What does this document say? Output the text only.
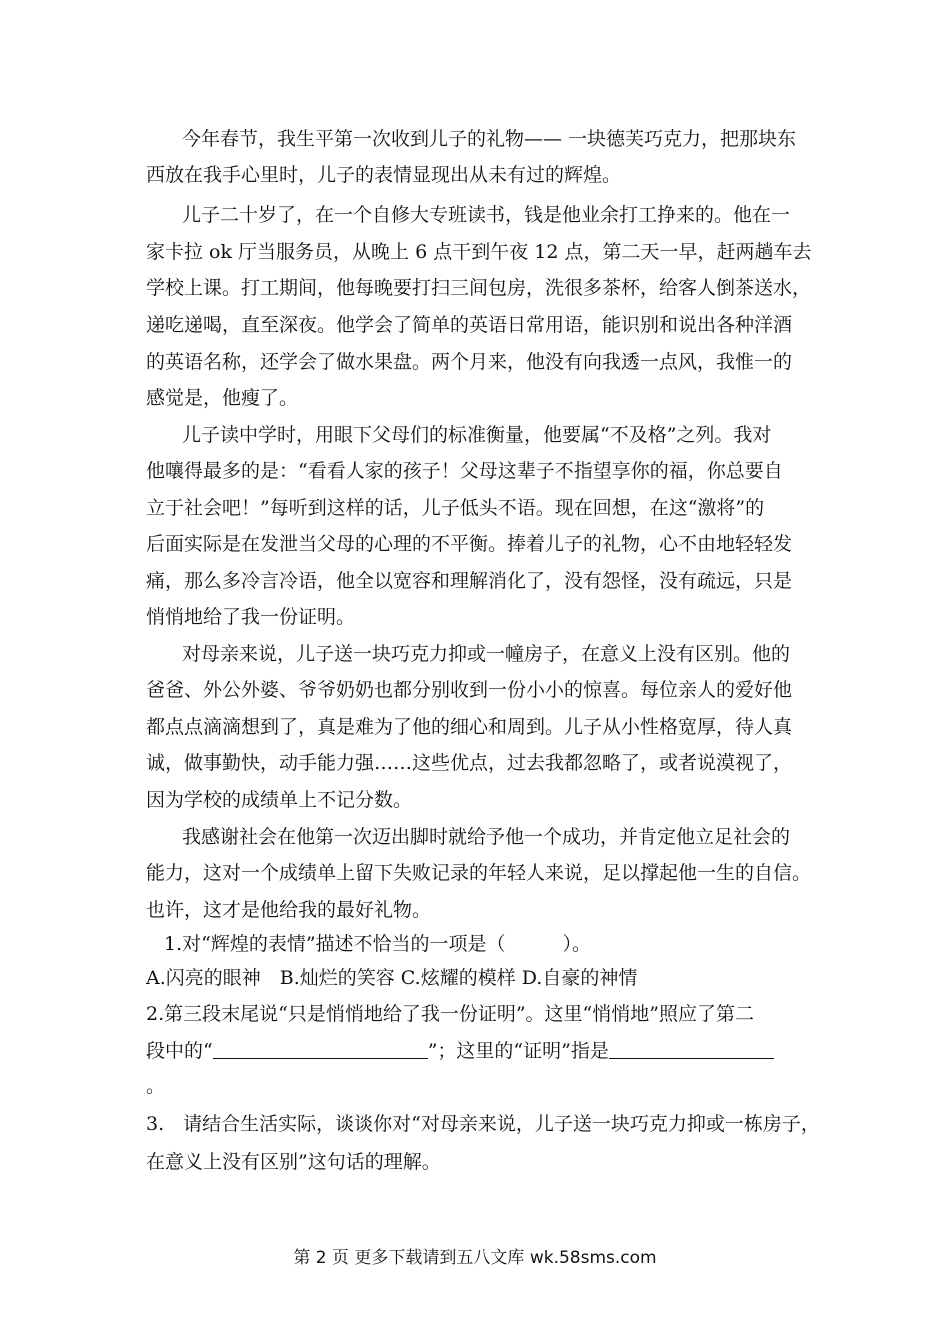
今年春节，我生平第一次收到儿子的礼物—— 一块德芙巧克力，把那块东
西放在我手心里时，儿子的表情显现出从未有过的辉煌。
儿子二十岁了，在一个自修大专班读书，钱是他业余打工挣来的。他在一
家卡拉 ok 厅当服务员，从晚上 6 点干到午夜 12 点，第二天一早，赶两趟车去
学校上课。打工期间，他每晚要打扫三间包房，洗很多茶杯，给客人倒茶送水，
递吃递喝，直至深夜。他学会了简单的英语日常用语，能识别和说出各种洋酒
的英语名称，还学会了做水果盘。两个月来，他没有向我透一点风，我惟一的
感觉是，他瘦了。
儿子读中学时，用眼下父母们的标准衡量，他要属“不及格”之列。我对
他嚷得最多的是：“看看人家的孩子！父母这辈子不指望享你的福，你总要自
立于社会吧！”每听到这样的话，儿子低头不语。现在回想，在这“激将”的
后面实际是在发泄当父母的心理的不平衡。捧着儿子的礼物，心不由地轻轻发
痛，那么多冷言冷语，他全以宽容和理解消化了，没有怨怪，没有疏远，只是
悄悄地给了我一份证明。
对母亲来说，儿子送一块巧克力抑或一幢房子，在意义上没有区别。他的
爸爸、外公外婆、爷爷奶奶也都分别收到一份小小的惊喜。每位亲人的爱好他
都点点滴滴想到了，真是难为了他的细心和周到。儿子从小性格宽厚，待人真
诚，做事勤快，动手能力强……这些优点，过去我都忽略了，或者说漠视了，
因为学校的成绩单上不记分数。
我感谢社会在他第一次迈出脚时就给予他一个成功，并肯定他立足社会的
能力，这对一个成绩单上留下失败记录的年轻人来说，足以撑起他一生的自信。
也许，这才是他给我的最好礼物。
1.对“辉煌的表情”描述不恰当的一项是（　　　）。
A.闪亮的眼神　B.灿烂的笑容 C.炫耀的模样 D.自豪的神情
2.第三段末尾说“只是悄悄地给了我一份证明”。这里“悄悄地”照应了第二
段中的“	”；这里的“证明”指是
。
3.　请结合生活实际，谈谈你对“对母亲来说，儿子送一块巧克力抑或一栋房子，
在意义上没有区别”这句话的理解。
第 2 页 更多下载请到五八文库 wk.58sms.com
